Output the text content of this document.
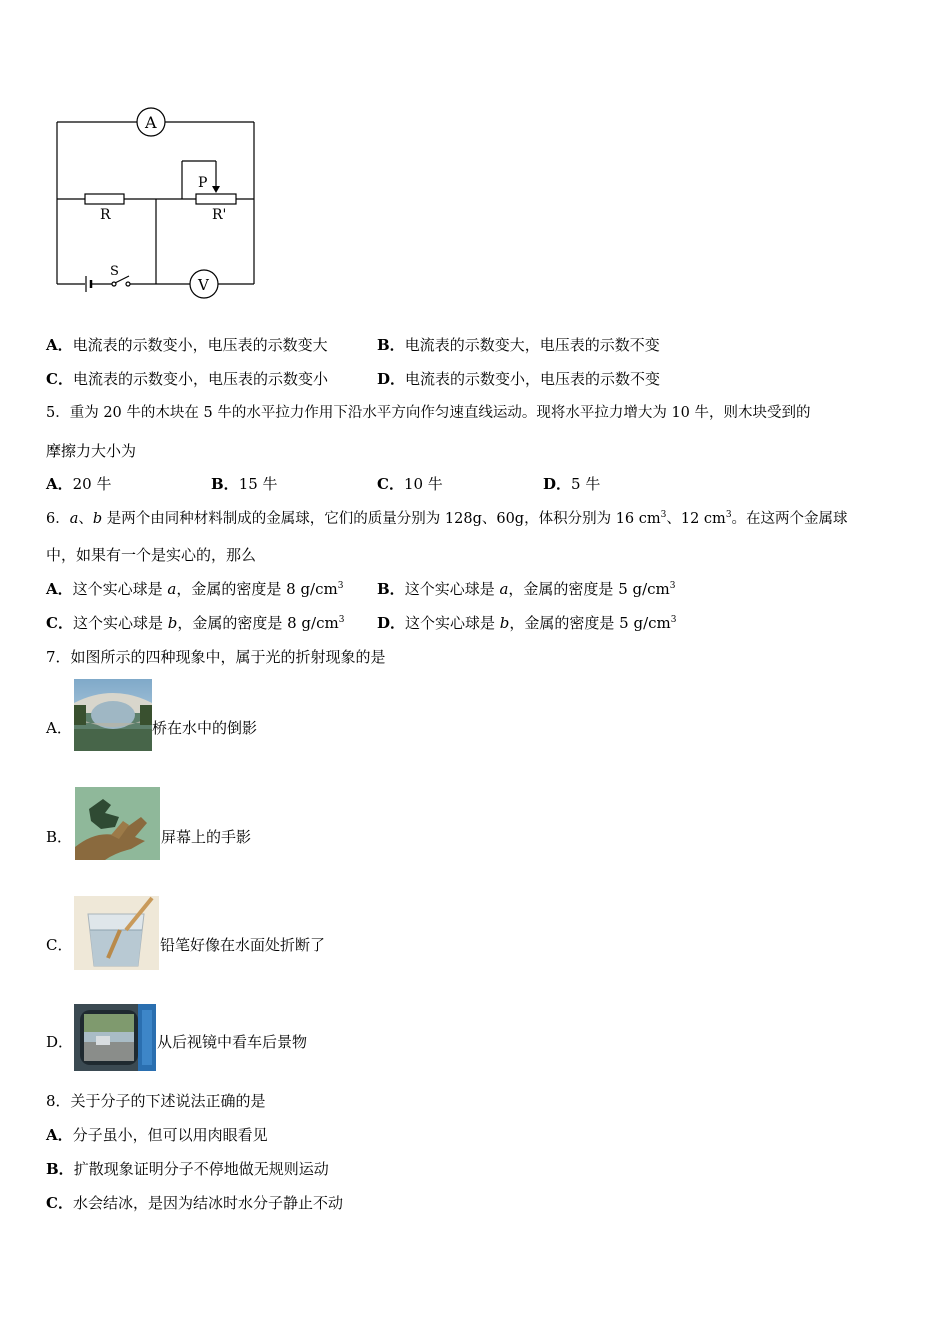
A
V
R	R'
P
S
A．电流表的示数变小，电压表的示数变大	B．电流表的示数变大，电压表的示数不变
C．电流表的示数变小，电压表的示数变小	D．电流表的示数变小，电压表的示数不变
5．重为 20 牛的木块在 5 牛的水平拉力作用下沿水平方向作匀速直线运动。现将水平拉力增大为 10 牛，则木块受到的
摩擦力大小为
A．20 牛	B．15 牛	C．10 牛	D．5 牛
6．a、b 是两个由同种材料制成的金属球，它们的质量分别为 128g、60g，体积分别为 16 $cm^3$、12 $cm^3$。在这两个金属球
中，如果有一个是实心的，那么
A．这个实心球是 a，金属的密度是 8 $g/cm^3$ B．这个实心球是 a，金属的密度是 5 $g/cm^3$
C．这个实心球是 b，金属的密度是 8 $g/cm^3$ D．这个实心球是 b，金属的密度是 5 $g/cm^3$
7．如图所示的四种现象中，属于光的折射现象的是
A．	桥在水中的倒影
B．	屏幕上的手影
C．	铅笔好像在水面处折断了
D．	从后视镜中看车后景物
8．关于分子的下述说法正确的是
A．分子虽小，但可以用肉眼看见
B．扩散现象证明分子不停地做无规则运动
C．水会结冰，是因为结冰时水分子静止不动
